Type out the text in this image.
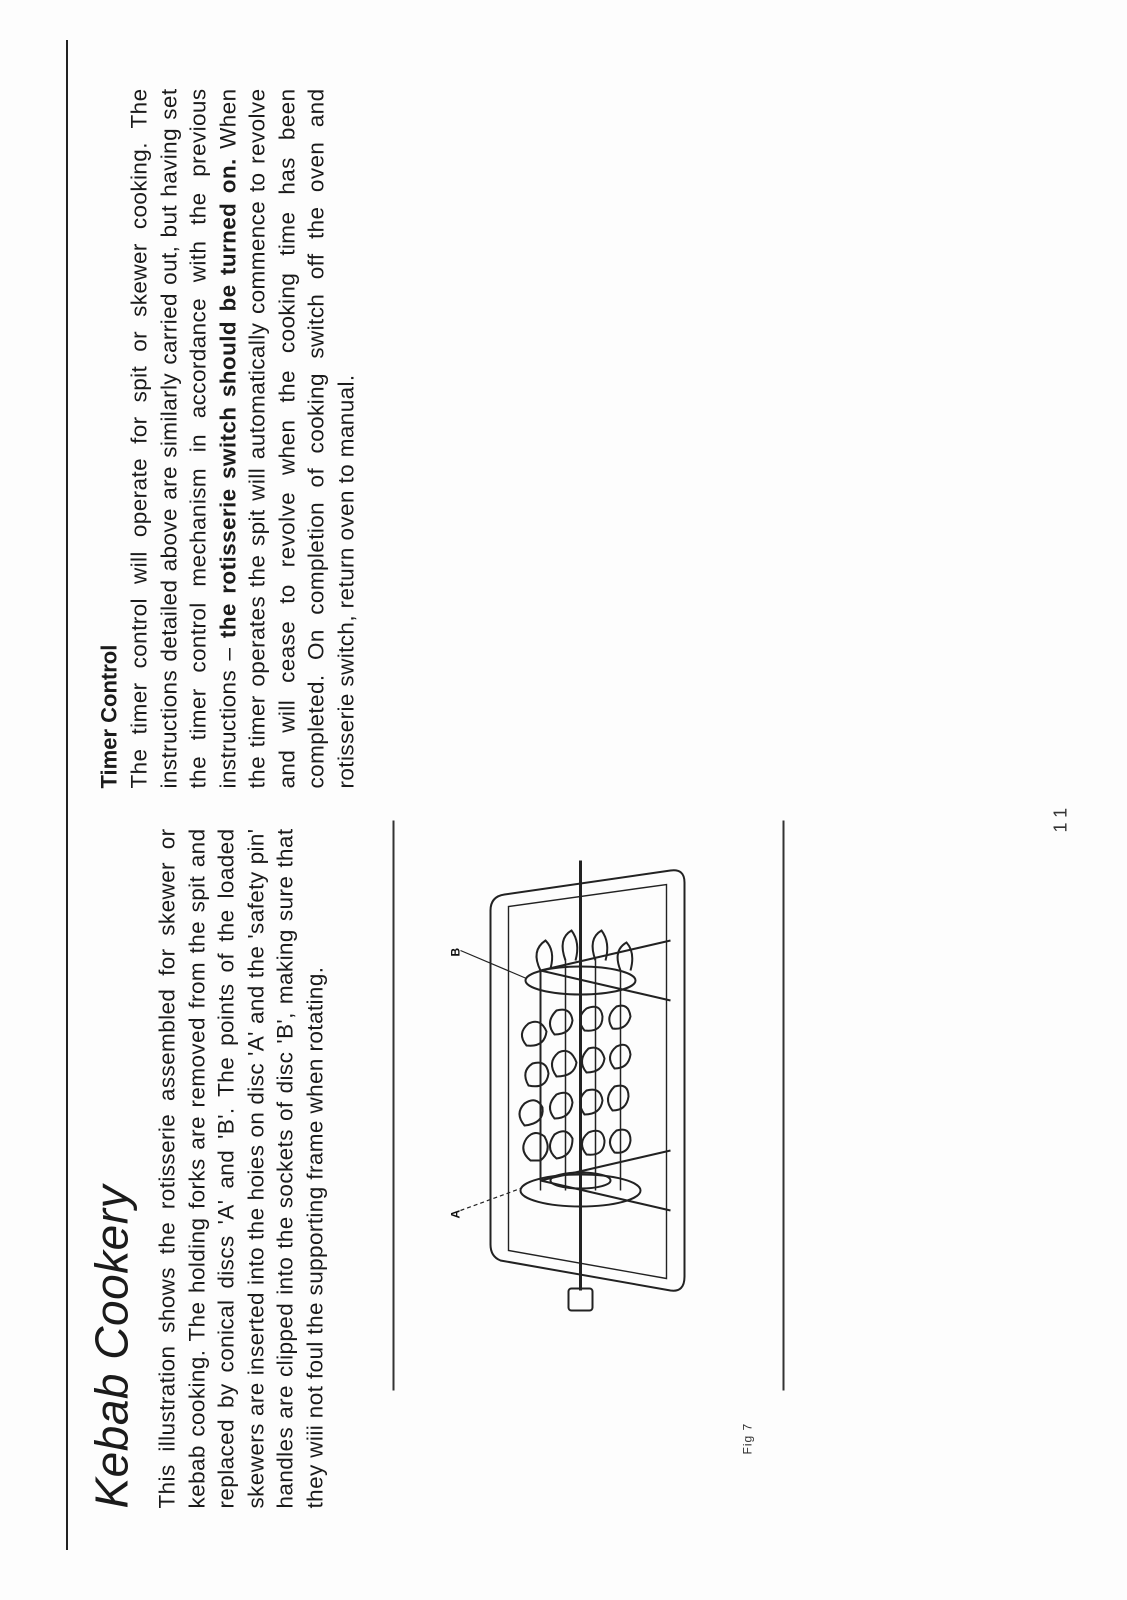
Kebab Cookery This illustration shows the rotisserie assembled for skewer or kebab cooking. The holding forks are removed from the spit and replaced by conical discs 'A' and 'B'. The points of the loaded skewers are inserted into the hoies on disc 'A' and the 'safety pin' handles are clipped into the sockets of disc 'B', making sure that they wiii not foul the supporting frame when rotating.	A
B
Fig 7
Timer Control The timer control will operate for spit or skewer cooking. The instructions detailed above are similarly carried out, but having set the timer control mechanism in accordance with the previous instructions – the rotisserie switch should be turned on. When the timer operates the spit will automatically commence to revolve and will cease to revolve when the cooking time has been completed. On completion of cooking switch off the oven and rotisserie switch, return oven to manual.

11
